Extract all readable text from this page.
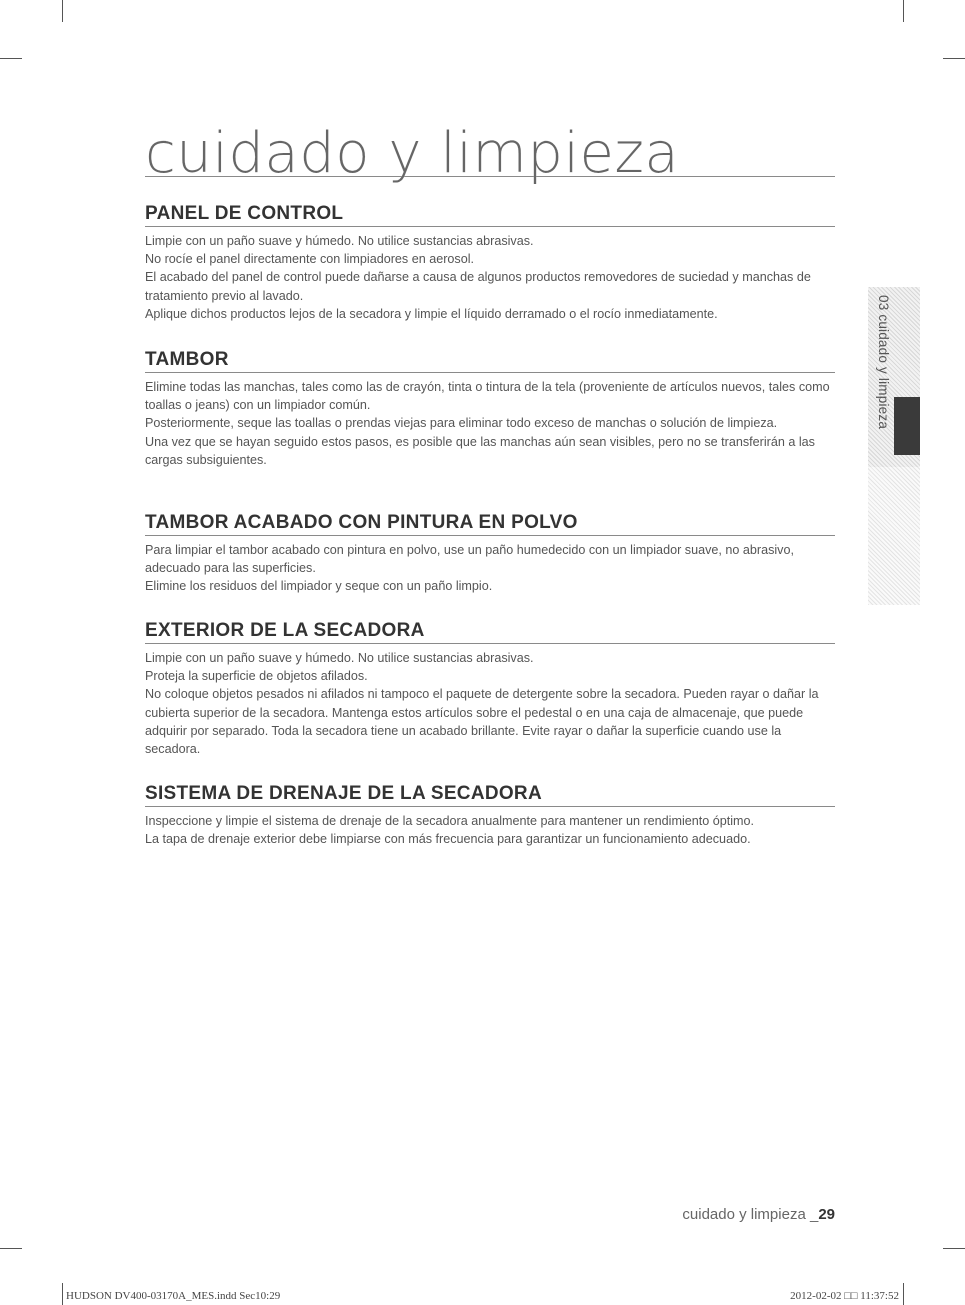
cuidado y limpieza
PANEL DE CONTROL

Limpie con un paño suave y húmedo. No utilice sustancias abrasivas.

No rocíe el panel directamente con limpiadores en aerosol.

El acabado del panel de control puede dañarse a causa de algunos productos removedores de suciedad y manchas de tratamiento previo al lavado.

Aplique dichos productos lejos de la secadora y limpie el líquido derramado o el rocío inmediatamente.

TAMBOR

Elimine todas las manchas, tales como las de crayón, tinta o tintura de la tela (proveniente de artículos nuevos, tales como toallas o jeans) con un limpiador común.

Posteriormente, seque las toallas o prendas viejas para eliminar todo exceso de manchas o solución de limpieza.

Una vez que se hayan seguido estos pasos, es posible que las manchas aún sean visibles, pero no se transferirán a las cargas subsiguientes.

TAMBOR ACABADO CON PINTURA EN POLVO

Para limpiar el tambor acabado con pintura en polvo, use un paño humedecido con un limpiador suave, no abrasivo, adecuado para las superficies.

Elimine los residuos del limpiador y seque con un paño limpio.

EXTERIOR DE LA SECADORA

Limpie con un paño suave y húmedo. No utilice sustancias abrasivas.

Proteja la superficie de objetos afilados.

No coloque objetos pesados ni afilados ni tampoco el paquete de detergente sobre la secadora. Pueden rayar o dañar la cubierta superior de la secadora. Mantenga estos artículos sobre el pedestal o en una caja de almacenaje, que puede adquirir por separado. Toda la secadora tiene un acabado brillante. Evite rayar o dañar la superficie cuando use la secadora.

SISTEMA DE DRENAJE DE LA SECADORA

Inspeccione y limpie el sistema de drenaje de la secadora anualmente para mantener un rendimiento óptimo.

La tapa de drenaje exterior debe limpiarse con más frecuencia para garantizar un funcionamiento adecuado.

03 cuidado y limpieza
cuidado y limpieza _29
HUDSON DV400-03170A_MES.indd Sec10:29	2012-02-02 □□ 11:37:52
